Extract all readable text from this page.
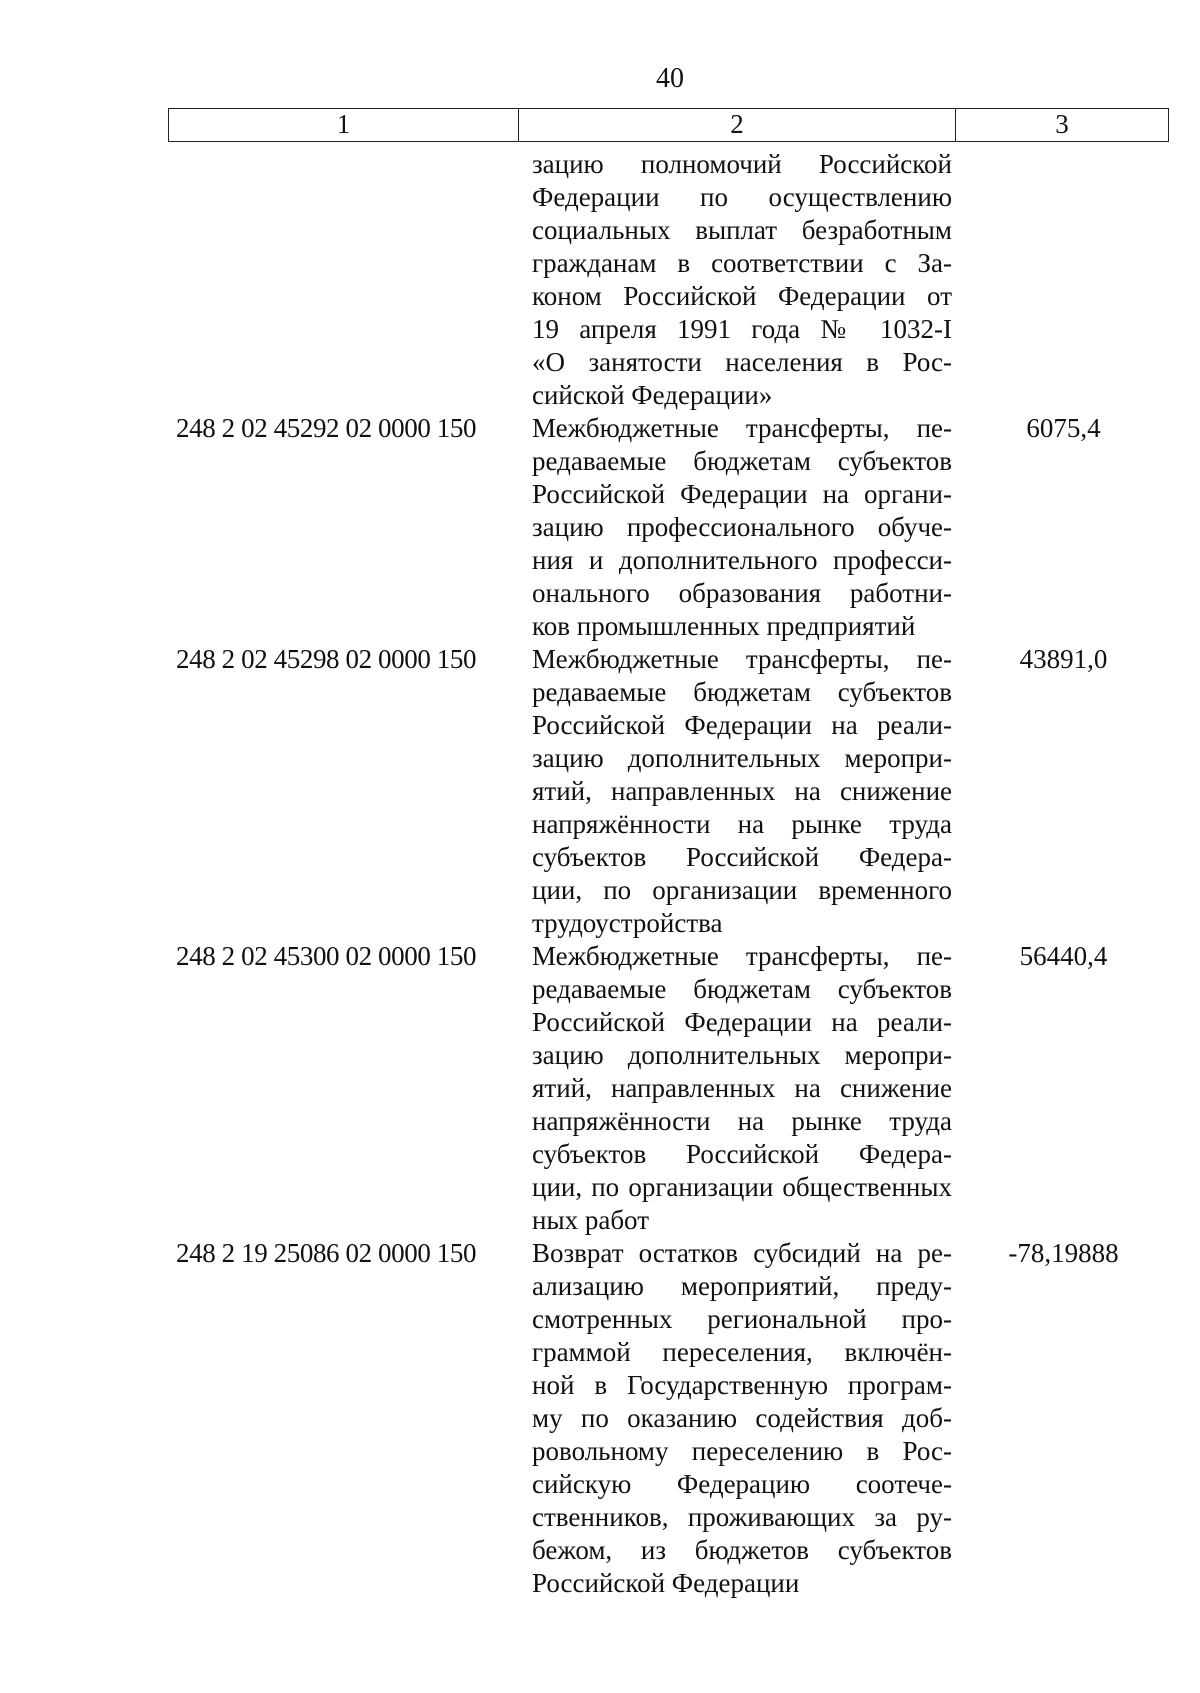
40
1	2	3
зацию полномочий Российской
Федерации по осуществлению
социальных выплат безработным
гражданам в соответствии с За-
коном Российской Федерации от
19 апреля 1991 года № 1032-I
«О занятости населения в Рос-
сийской Федерации»
248 2 02 45292 02 0000 150 Межбюджетные трансферты, пе-
редаваемые бюджетам субъектов
Российской Федерации на органи-
зацию профессионального обуче-
ния и дополнительного професси-
онального образования работни-
ков промышленных предприятий
6075,4
248 2 02 45298 02 0000 150 Межбюджетные трансферты, пе-
редаваемые бюджетам субъектов
Российской Федерации на реали-
зацию дополнительных меропри-
ятий, направленных на снижение
напряжённости на рынке труда
субъектов Российской Федера-
ции, по организации временного
трудоустройства
43891,0
248 2 02 45300 02 0000 150 Межбюджетные трансферты, пе-
редаваемые бюджетам субъектов
Российской Федерации на реали-
зацию дополнительных меропри-
ятий, направленных на снижение
напряжённости на рынке труда
субъектов Российской Федера-
ции, по организации общественных
ных работ
56440,4
248 2 19 25086 02 0000 150 Возврат остатков субсидий на ре-
ализацию мероприятий, преду-
смотренных региональной про-
граммой переселения, включён-
ной в Государственную програм-
му по оказанию содействия доб-
ровольному переселению в Рос-
сийскую Федерацию соотече-
ственников, проживающих за ру-
бежом, из бюджетов субъектов
Российской Федерации
-78,19888
